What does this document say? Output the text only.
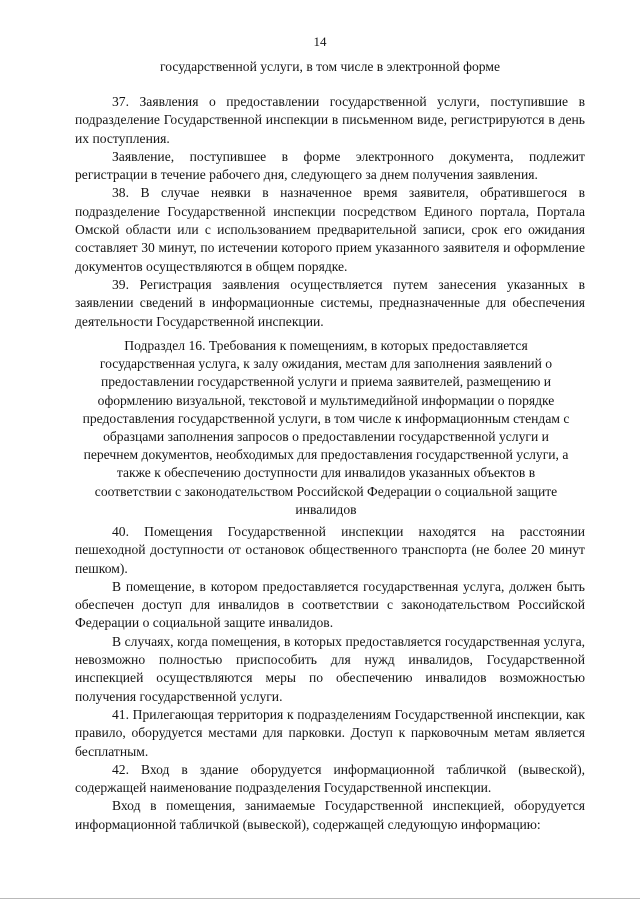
14

государственной услуги, в том числе в электронной форме

37. Заявления о предоставлении государственной услуги, поступившие в подразделение Государственной инспекции в письменном виде, регистрируются в день их поступления.

Заявление, поступившее в форме электронного документа, подлежит регистрации в течение рабочего дня, следующего за днем получения заявления.

38. В случае неявки в назначенное время заявителя, обратившегося в подразделение Государственной инспекции посредством Единого портала, Портала Омской области или с использованием предварительной записи, срок его ожидания составляет 30 минут, по истечении которого прием указанного заявителя и оформление документов осуществляются в общем порядке.

39. Регистрация заявления осуществляется путем занесения указанных в заявлении сведений в информационные системы, предназначенные для обеспечения деятельности Государственной инспекции.

Подраздел 16. Требования к помещениям, в которых предоставляется государственная услуга, к залу ожидания, местам для заполнения заявлений о предоставлении государственной услуги и приема заявителей, размещению и оформлению визуальной, текстовой и мультимедийной информации о порядке предоставления государственной услуги, в том числе к информационным стендам с образцами заполнения запросов о предоставлении государственной услуги и перечнем документов, необходимых для предоставления государственной услуги, а также к обеспечению доступности для инвалидов указанных объектов в соответствии с законодательством Российской Федерации о социальной защите инвалидов

40. Помещения Государственной инспекции находятся на расстоянии пешеходной доступности от остановок общественного транспорта (не более 20 минут пешком).

В помещение, в котором предоставляется государственная услуга, должен быть обеспечен доступ для инвалидов в соответствии с законодательством Российской Федерации о социальной защите инвалидов.

В случаях, когда помещения, в которых предоставляется государственная услуга, невозможно полностью приспособить для нужд инвалидов, Государственной инспекцией осуществляются меры по обеспечению инвалидов возможностью получения государственной услуги.

41. Прилегающая территория к подразделениям Государственной инспекции, как правило, оборудуется местами для парковки. Доступ к парковочным метам является бесплатным.

42. Вход в здание оборудуется информационной табличкой (вывеской), содержащей наименование подразделения Государственной инспекции.

Вход в помещения, занимаемые Государственной инспекцией, оборудуется информационной табличкой (вывеской), содержащей следующую информацию:
